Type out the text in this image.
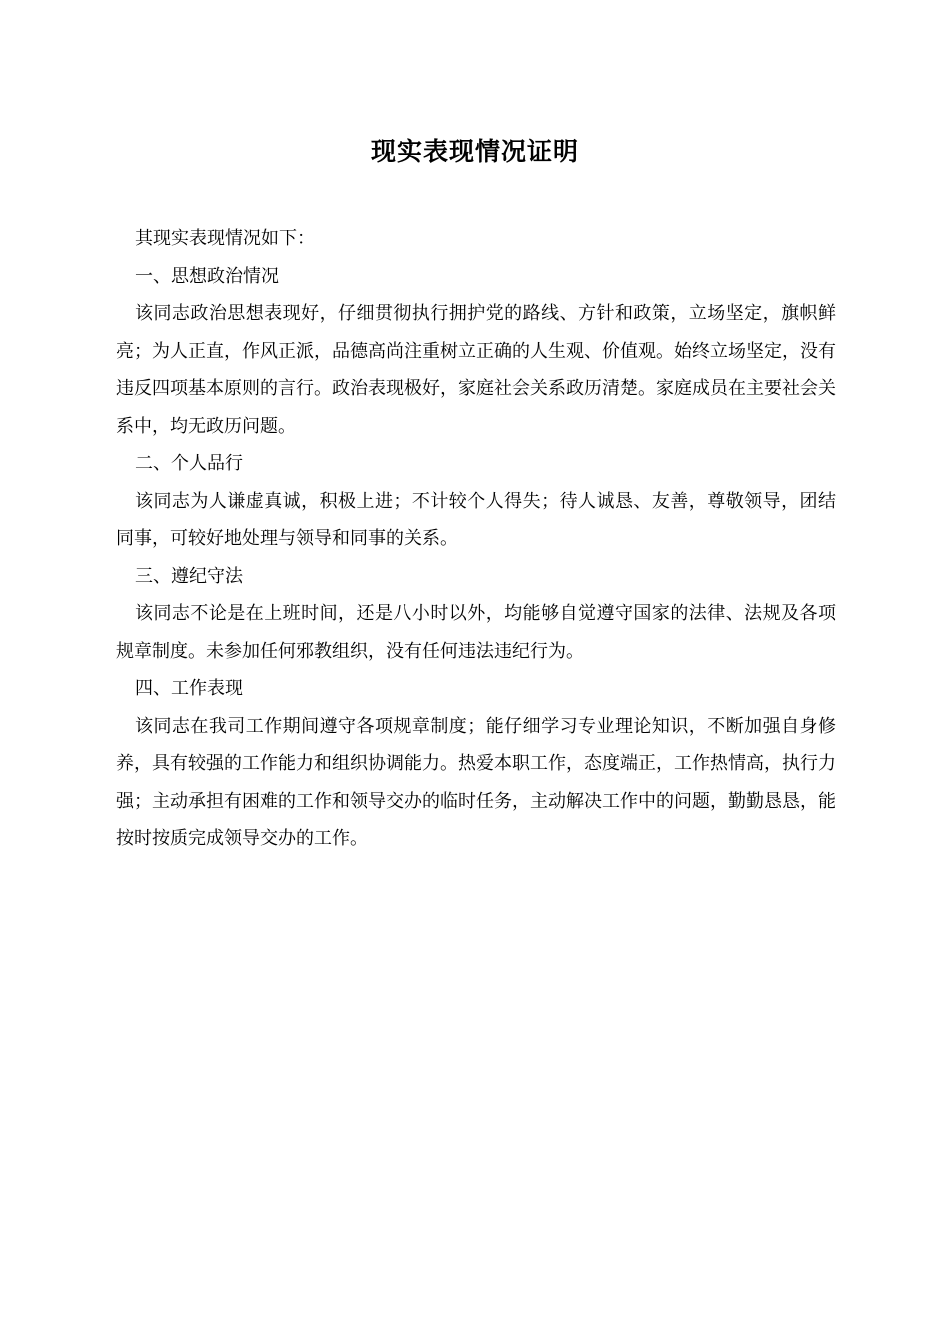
现实表现情况证明

其现实表现情况如下：

一、思想政治情况

该同志政治思想表现好，仔细贯彻执行拥护党的路线、方针和政策，立场坚定，旗帜鲜亮；为人正直，作风正派，品德高尚注重树立正确的人生观、价值观。始终立场坚定，没有违反四项基本原则的言行。政治表现极好，家庭社会关系政历清楚。家庭成员在主要社会关系中，均无政历问题。

二、个人品行

该同志为人谦虚真诚，积极上进；不计较个人得失；待人诚恳、友善，尊敬领导，团结同事，可较好地处理与领导和同事的关系。

三、遵纪守法

该同志不论是在上班时间，还是八小时以外，均能够自觉遵守国家的法律、法规及各项规章制度。未参加任何邪教组织，没有任何违法违纪行为。

四、工作表现

该同志在我司工作期间遵守各项规章制度；能仔细学习专业理论知识，不断加强自身修养，具有较强的工作能力和组织协调能力。热爱本职工作，态度端正，工作热情高，执行力强；主动承担有困难的工作和领导交办的临时任务，主动解决工作中的问题，勤勤恳恳，能按时按质完成领导交办的工作。
